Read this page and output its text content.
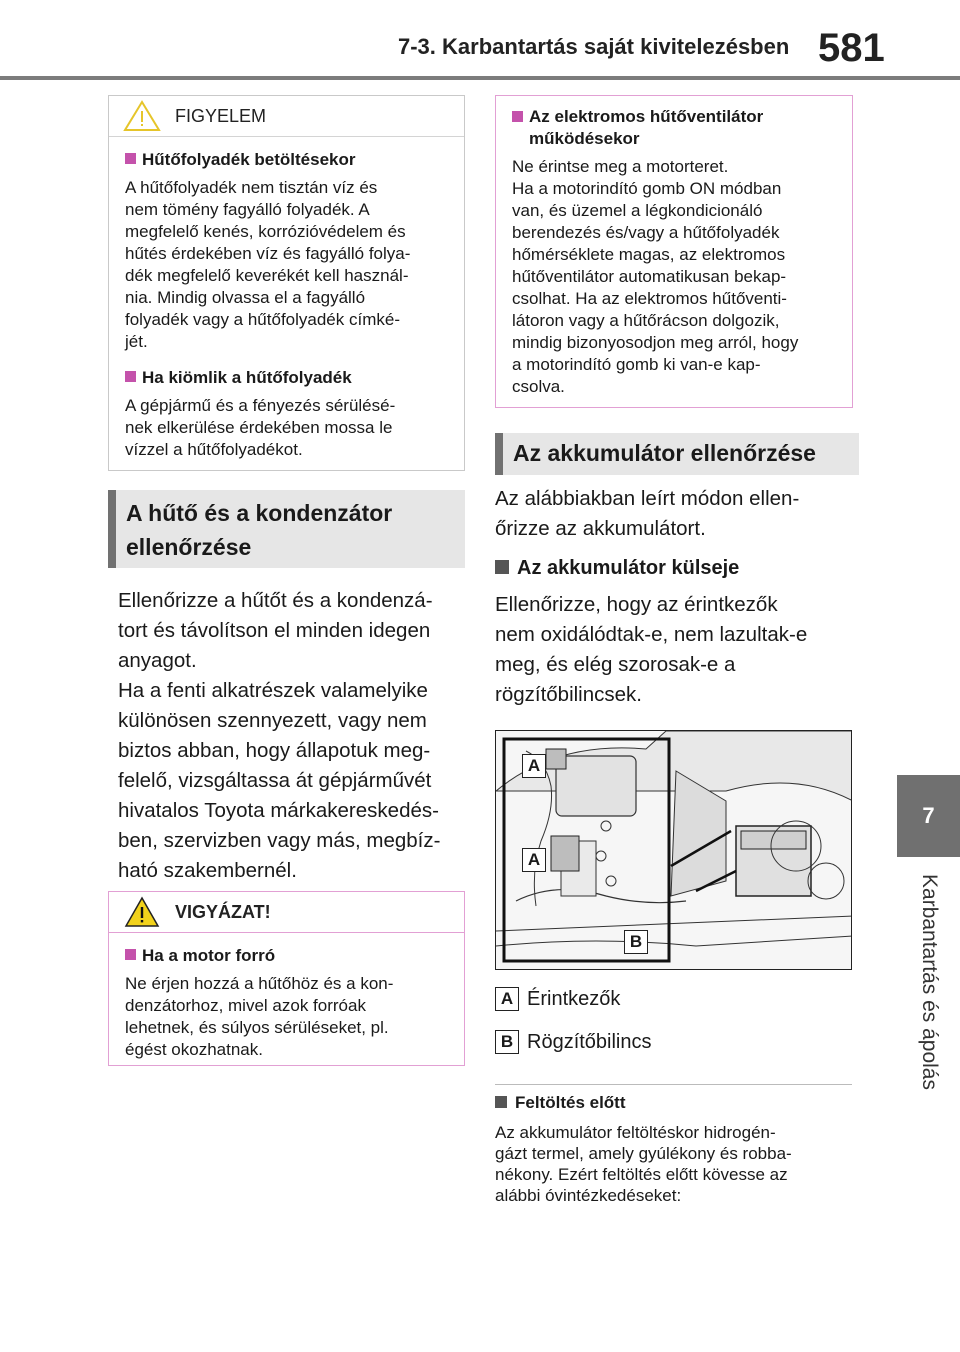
7-3. Karbantartás saját kivitelezésben 581
7
Karbantartás és ápolás
FIGYELEM
Hűtőfolyadék betöltésekor
A hűtőfolyadék nem tisztán víz és
nem tömény fagyálló folyadék. A
megfelelő kenés, korrózióvédelem és
hűtés érdekében víz és fagyálló folya-
dék megfelelő keverékét kell használ-
nia. Mindig olvassa el a fagyálló
folyadék vagy a hűtőfolyadék címké-
jét.
Ha kiömlik a hűtőfolyadék
A gépjármű és a fényezés sérülésé-
nek elkerülése érdekében mossa le
vízzel a hűtőfolyadékot.
A hűtő és a kondenzátor
ellenőrzése
Ellenőrizze a hűtőt és a kondenzá-
tort és távolítson el minden idegen
anyagot.
Ha a fenti alkatrészek valamelyike
különösen szennyezett, vagy nem
biztos abban, hogy állapotuk meg-
felelő, vizsgáltassa át gépjárművét
hivatalos Toyota márkakereskedés-
ben, szervizben vagy más, megbíz-
ható szakembernél.
VIGYÁZAT!
Ha a motor forró
Ne érjen hozzá a hűtőhöz és a kon-
denzátorhoz, mivel azok forróak
lehetnek, és súlyos sérüléseket, pl.
égést okozhatnak.
Az elektromos hűtőventilátor
működésekor
Ne érintse meg a motorteret.
Ha a motorindító gomb ON módban
van, és üzemel a légkondicionáló
berendezés és/vagy a hűtőfolyadék
hőmérséklete magas, az elektromos
hűtőventilátor automatikusan bekap-
csolhat. Ha az elektromos hűtőventi-
látoron vagy a hűtőrácson dolgozik,
mindig bizonyosodjon meg arról, hogy
a motorindító gomb ki van-e kap-
csolva.
Az akkumulátor ellenőrzése
Az alábbiakban leírt módon ellen-
őrizze az akkumulátort.
Az akkumulátor külseje
Ellenőrizze, hogy az érintkezők
nem oxidálódtak-e, nem lazultak-e
meg, és elég szorosak-e a
rögzítőbilincsek.
A
A
B
A Érintkezők
B Rögzítőbilincs
Feltöltés előtt
Az akkumulátor feltöltéskor hidrogén-
gázt termel, amely gyúlékony és robba-
nékony. Ezért feltöltés előtt kövesse az
alábbi óvintézkedéseket:
